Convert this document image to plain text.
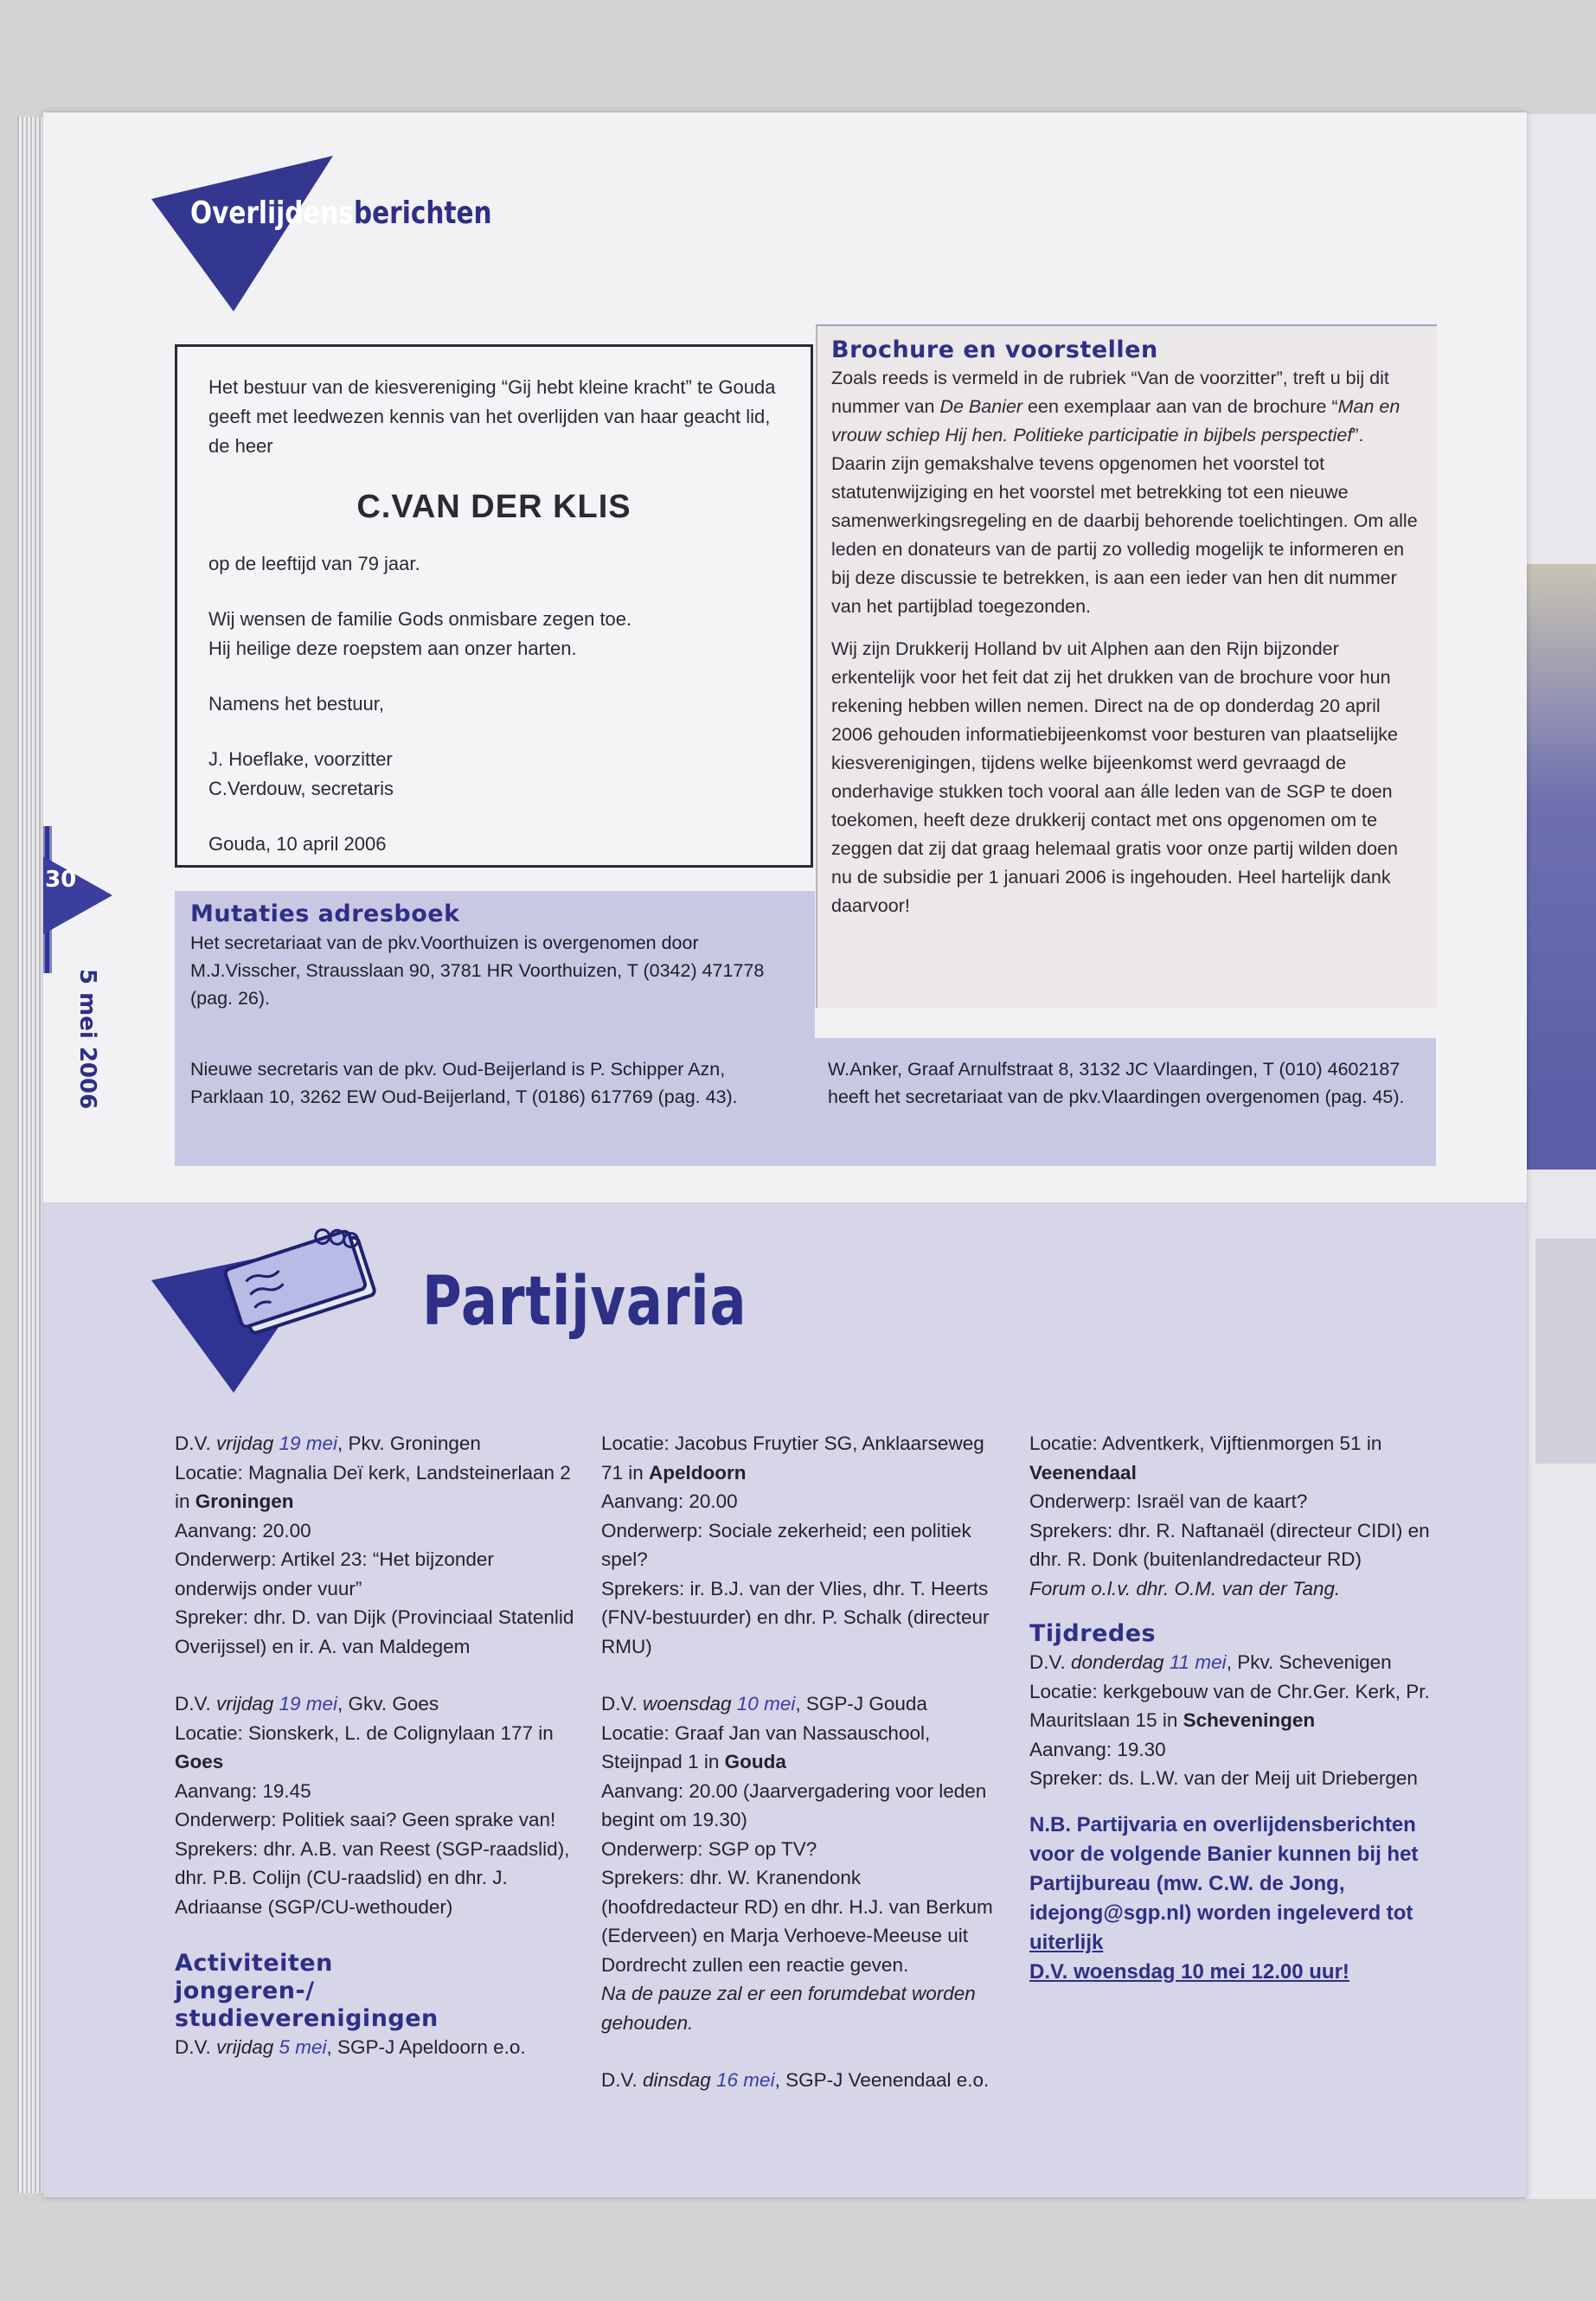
Overlijdensberichten

Het bestuur van de kiesvereniging “Gij hebt kleine kracht” te Gouda geeft met leedwezen kennis van het overlijden van haar geacht lid, de heer

C.VAN DER KLIS

op de leeftijd van 79 jaar.

Wij wensen de familie Gods onmisbare zegen toe.
Hij heilige deze roepstem aan onzer harten.

Namens het bestuur,

J. Hoeflake, voorzitter
C.Verdouw, secretaris

Gouda, 10 april 2006

Brochure en voorstellen

Zoals reeds is vermeld in de rubriek “Van de voorzitter”, treft u bij dit nummer van De Banier een exemplaar aan van de brochure “Man en vrouw schiep Hij hen. Politieke participatie in bijbels perspectief”. Daarin zijn gemakshalve tevens opgenomen het voorstel tot statutenwijziging en het voorstel met betrekking tot een nieuwe samenwerkingsregeling en de daarbij behorende toelichtingen. Om alle leden en donateurs van de partij zo volledig mogelijk te informeren en bij deze discussie te betrekken, is aan een ieder van hen dit nummer van het partijblad toegezonden.

Wij zijn Drukkerij Holland bv uit Alphen aan den Rijn bijzonder erkentelijk voor het feit dat zij het drukken van de brochure voor hun rekening hebben willen nemen. Direct na de op donderdag 20 april 2006 gehouden informatiebijeenkomst voor besturen van plaatselijke kiesverenigingen, tijdens welke bijeenkomst werd gevraagd de onderhavige stukken toch vooral aan álle leden van de SGP te doen toekomen, heeft deze drukkerij contact met ons opgenomen om te zeggen dat zij dat graag helemaal gratis voor onze partij wilden doen nu de subsidie per 1 januari 2006 is ingehouden. Heel hartelijk dank daarvoor!

Nieuwe secretaris van de pkv. Oud-Beijerland is P. Schipper Azn, Parklaan 10, 3262 EW Oud-Beijerland, T (0186) 617769 (pag. 43).
W.Anker, Graaf Arnulfstraat 8, 3132 JC Vlaardingen, T (010) 4602187 heeft het secretariaat van de pkv.Vlaardingen overgenomen (pag. 45).
Mutaties adresboek
Het secretariaat van de pkv.Voorthuizen is overgenomen door M.J.Visscher, Strausslaan 90, 3781 HR Voorthuizen, T (0342) 471778 (pag. 26).
30
5 mei 2006
Partijvaria

D.V. vrijdag 19 mei, Pkv. Groningen
Locatie: Magnalia Deï kerk, Landsteinerlaan 2 in Groningen
Aanvang: 20.00
Onderwerp: Artikel 23: “Het bijzonder onderwijs onder vuur”
Spreker: dhr. D. van Dijk (Provinciaal Statenlid Overijssel) en ir. A. van Maldegem

D.V. vrijdag 19 mei, Gkv. Goes
Locatie: Sionskerk, L. de Colignylaan 177 in Goes
Aanvang: 19.45
Onderwerp: Politiek saai? Geen sprake van!
Sprekers: dhr. A.B. van Reest (SGP-raadslid), dhr. P.B. Colijn (CU-raadslid) en dhr. J. Adriaanse (SGP/CU-wethouder)

Activiteiten jongeren-/ studieverenigingen
D.V. vrijdag 5 mei, SGP-J Apeldoorn e.o.

Locatie: Jacobus Fruytier SG, Anklaarseweg 71 in Apeldoorn
Aanvang: 20.00
Onderwerp: Sociale zekerheid; een politiek spel?
Sprekers: ir. B.J. van der Vlies, dhr. T. Heerts (FNV-bestuurder) en dhr. P. Schalk (directeur RMU)

D.V. woensdag 10 mei, SGP-J Gouda
Locatie: Graaf Jan van Nassauschool, Steijnpad 1 in Gouda
Aanvang: 20.00 (Jaarvergadering voor leden begint om 19.30)
Onderwerp: SGP op TV?
Sprekers: dhr. W. Kranendonk (hoofdredacteur RD) en dhr. H.J. van Berkum (Ederveen) en Marja Verhoeve-Meeuse uit Dordrecht zullen een reactie geven.
Na de pauze zal er een forumdebat worden gehouden.

D.V. dinsdag 16 mei, SGP-J Veenendaal e.o.

Locatie: Adventkerk, Vijftienmorgen 51 in Veenendaal
Onderwerp: Israël van de kaart?
Sprekers: dhr. R. Naftanaël (directeur CIDI) en dhr. R. Donk (buitenlandredacteur RD)
Forum o.l.v. dhr. O.M. van der Tang.

Tijdredes

D.V. donderdag 11 mei, Pkv. Schevenigen
Locatie: kerkgebouw van de Chr.Ger. Kerk, Pr. Mauritslaan 15 in Scheveningen
Aanvang: 19.30
Spreker: ds. L.W. van der Meij uit Driebergen

N.B. Partijvaria en overlijdensberichten voor de volgende Banier kunnen bij het Partijbureau (mw. C.W. de Jong, idejong@sgp.nl) worden ingeleverd tot uiterlijk
D.V. woensdag 10 mei 12.00 uur!
